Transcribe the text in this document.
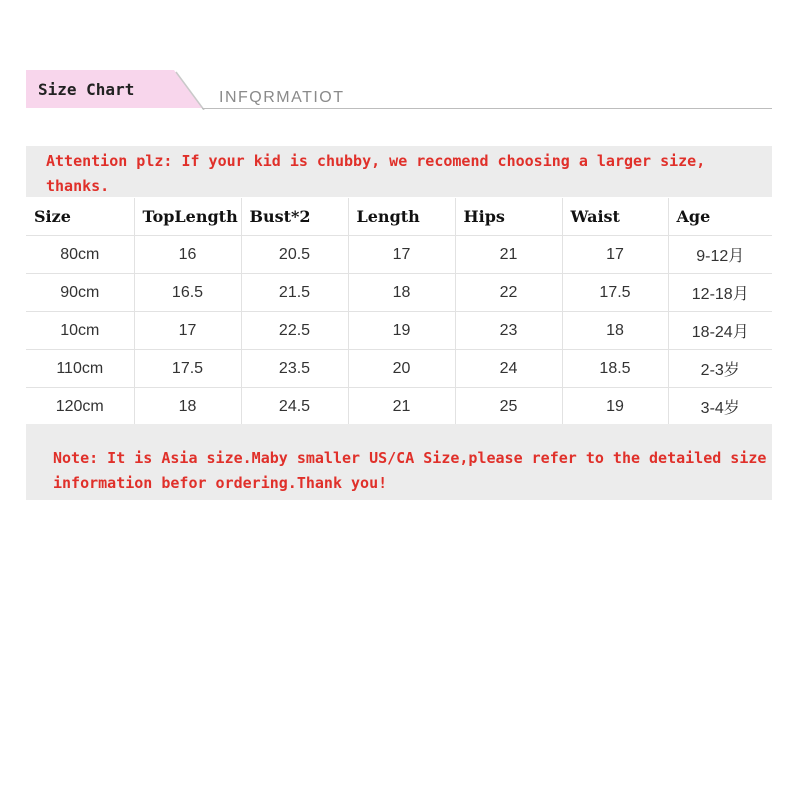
Size Chart	INFQRMATIOT
Attention plz: If your kid is chubby, we recomend choosing a larger size, thanks.
Size	TopLength	Bust*2	Length	Hips	Waist	Age
80cm	16	20.5	17	21	17	9-12月
90cm	16.5	21.5	18	22	17.5	12-18月
10cm	17	22.5	19	23	18	18-24月
110cm	17.5	23.5	20	24	18.5	2-3岁
120cm	18	24.5	21	25	19	3-4岁
Note: It is Asia size.Maby smaller US/CA Size,please refer to the detailed size information befor ordering.Thank you!
